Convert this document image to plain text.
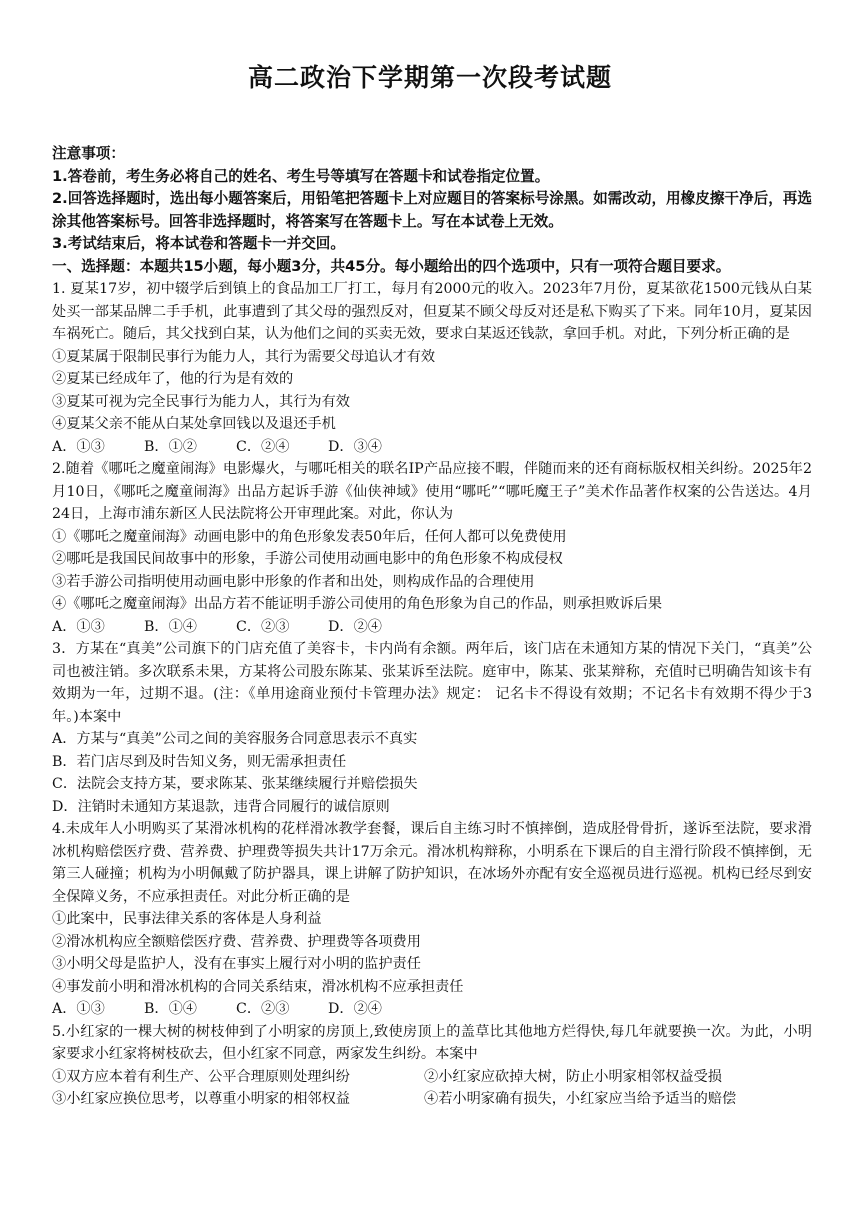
高二政治下学期第一次段考试题

注意事项：

1.答卷前，考生务必将自己的姓名、考生号等填写在答题卡和试卷指定位置。

2.回答选择题时，选出每小题答案后，用铅笔把答题卡上对应题目的答案标号涂黑。如需改动，用橡皮擦干净后，再选涂其他答案标号。回答非选择题时，将答案写在答题卡上。写在本试卷上无效。

3.考试结束后，将本试卷和答题卡一并交回。

一、选择题：本题共15小题，每小题3分，共45分。每小题给出的四个选项中，只有一项符合题目要求。

1. 夏某17岁，初中辍学后到镇上的食品加工厂打工，每月有2000元的收入。2023年7月份，夏某欲花1500元钱从白某处买一部某品牌二手手机，此事遭到了其父母的强烈反对，但夏某不顾父母反对还是私下购买了下来。同年10月，夏某因车祸死亡。随后，其父找到白某，认为他们之间的买卖无效，要求白某返还钱款，拿回手机。对此，下列分析正确的是

①夏某属于限制民事行为能力人，其行为需要父母追认才有效

②夏某已经成年了，他的行为是有效的

③夏某可视为完全民事行为能力人，其行为有效

④夏某父亲不能从白某处拿回钱以及退还手机

A．①③	B．①②	C．②④	D．③④

2.随着《哪吒之魔童闹海》电影爆火，与哪吒相关的联名IP产品应接不暇，伴随而来的还有商标版权相关纠纷。2025年2月10日，《哪吒之魔童闹海》出品方起诉手游《仙侠神域》使用“哪吒”“哪吒魔王子”美术作品著作权案的公告送达。4月24日，上海市浦东新区人民法院将公开审理此案。对此，你认为

①《哪吒之魔童闹海》动画电影中的角色形象发表50年后，任何人都可以免费使用

②哪吒是我国民间故事中的形象，手游公司使用动画电影中的角色形象不构成侵权

③若手游公司指明使用动画电影中形象的作者和出处，则构成作品的合理使用

④《哪吒之魔童闹海》出品方若不能证明手游公司使用的角色形象为自己的作品，则承担败诉后果

A．①③	B．①④	C．②③	D．②④

3．方某在“真美”公司旗下的门店充值了美容卡，卡内尚有余额。两年后，该门店在未通知方某的情况下关门，“真美”公司也被注销。多次联系未果，方某将公司股东陈某、张某诉至法院。庭审中，陈某、张某辩称，充值时已明确告知该卡有效期为一年，过期不退。(注：《单用途商业预付卡管理办法》规定： 记名卡不得设有效期；不记名卡有效期不得少于3年。)本案中

A．方某与“真美”公司之间的美容服务合同意思表示不真实

B．若门店尽到及时告知义务，则无需承担责任

C．法院会支持方某，要求陈某、张某继续履行并赔偿损失

D．注销时未通知方某退款，违背合同履行的诚信原则

4.未成年人小明购买了某滑冰机构的花样滑冰教学套餐，课后自主练习时不慎摔倒，造成胫骨骨折，遂诉至法院，要求滑冰机构赔偿医疗费、营养费、护理费等损失共计17万余元。滑冰机构辩称，小明系在下课后的自主滑行阶段不慎摔倒，无第三人碰撞；机构为小明佩戴了防护器具，课上讲解了防护知识，在冰场外亦配有安全巡视员进行巡视。机构已经尽到安全保障义务，不应承担责任。对此分析正确的是

①此案中，民事法律关系的客体是人身利益

②滑冰机构应全额赔偿医疗费、营养费、护理费等各项费用

③小明父母是监护人，没有在事实上履行对小明的监护责任

④事发前小明和滑冰机构的合同关系结束，滑冰机构不应承担责任

A．①③	B．①④	C．②③	D．②④

5.小红家的一棵大树的树枝伸到了小明家的房顶上,致使房顶上的盖草比其他地方烂得快,每几年就要换一次。为此，小明家要求小红家将树枝砍去，但小红家不同意，两家发生纠纷。本案中

①双方应本着有利生产、公平合理原则处理纠纷	②小红家应砍掉大树，防止小明家相邻权益受损

③小红家应换位思考，以尊重小明家的相邻权益	④若小明家确有损失，小红家应当给予适当的赔偿
